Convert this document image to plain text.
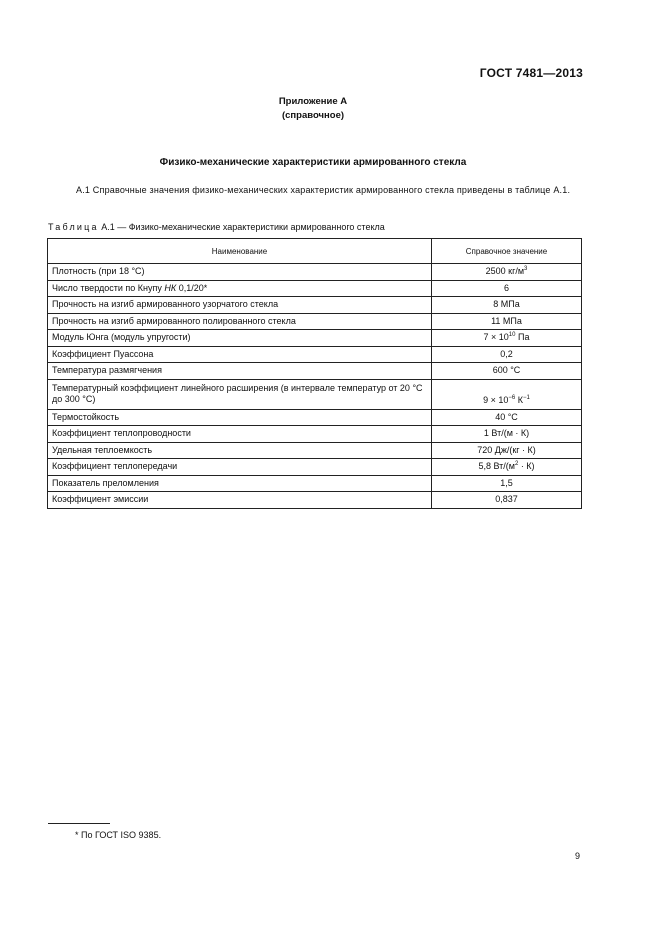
ГОСТ 7481—2013
Приложение А
(справочное)
Физико-механические характеристики армированного стекла
А.1 Справочные значения физико-механических характеристик армированного стекла приведены в таблице А.1.
Таблица А.1 — Физико-механические характеристики армированного стекла
Наименование	Справочное значение
Плотность (при 18 °С)	2500 $кг/м^3$
Число твердости по Кнупу НК 0,1/20*	6
Прочность на изгиб армированного узорчатого стекла	8 МПа
Прочность на изгиб армированного полированного стекла	11 МПа
Модуль Юнга (модуль упругости)	$7 \times 10^{10}$ Па
Коэффициент Пуассона	0,2
Температура размягчения	600 °С
Температурный коэффициент линейного расширения (в интервале температур от 20 °С до 300 °С)	$9 \times 10^{-6}$ $К^{-1}$
Термостойкость	40 °С
Коэффициент теплопроводности	1 Вт/(м · К)
Удельная теплоемкость	720 Дж/(кг · К)
Коэффициент теплопередачи	5,8 $Вт/(м^2 \cdot К)$
Показатель преломления	1,5
Коэффициент эмиссии	0,837
* По ГОСТ ISO 9385.
9
